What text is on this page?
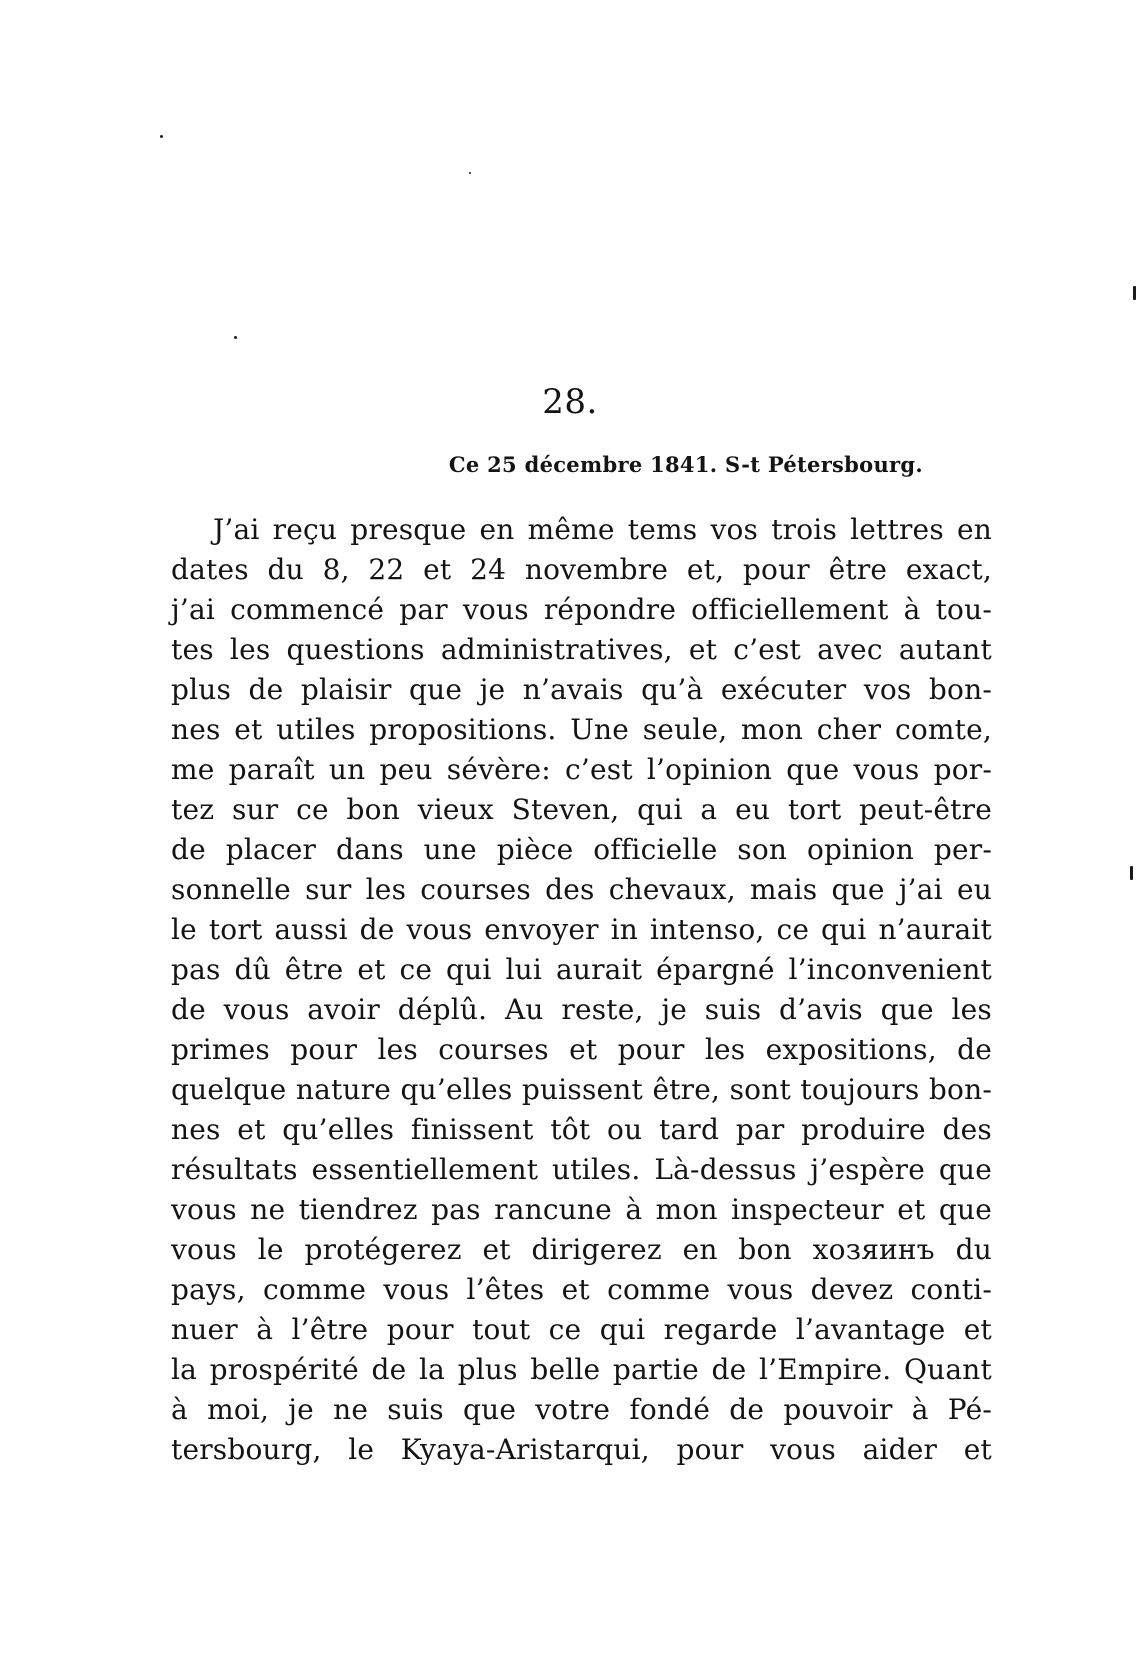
28.
Ce 25 décembre 1841. S-t Pétersbourg.
J’ai reçu presque en même tems vos trois lettres en
dates du 8, 22 et 24 novembre et, pour être exact,
j’ai commencé par vous répondre officiellement à tou-
tes les questions administratives, et c’est avec autant
plus de plaisir que je n’avais qu’à exécuter vos bon-
nes et utiles propositions. Une seule, mon cher comte,
me paraît un peu sévère: c’est l’opinion que vous por-
tez sur ce bon vieux Steven, qui a eu tort peut-être
de placer dans une pièce officielle son opinion per-
sonnelle sur les courses des chevaux, mais que j’ai eu
le tort aussi de vous envoyer in intenso, ce qui n’aurait
pas dû être et ce qui lui aurait épargné l’inconvenient
de vous avoir déplû. Au reste, je suis d’avis que les
primes pour les courses et pour les expositions, de
quelque nature qu’elles puissent être, sont toujours bon-
nes et qu’elles finissent tôt ou tard par produire des
résultats essentiellement utiles. Là-dessus j’espère que
vous ne tiendrez pas rancune à mon inspecteur et que
vous le protégerez et dirigerez en bon хозяинъ du
pays, comme vous l’êtes et comme vous devez conti-
nuer à l’être pour tout ce qui regarde l’avantage et
la prospérité de la plus belle partie de l’Empire. Quant
à moi, je ne suis que votre fondé de pouvoir à Pé-
tersbourg, le Kyaya-Aristarqui, pour vous aider et
